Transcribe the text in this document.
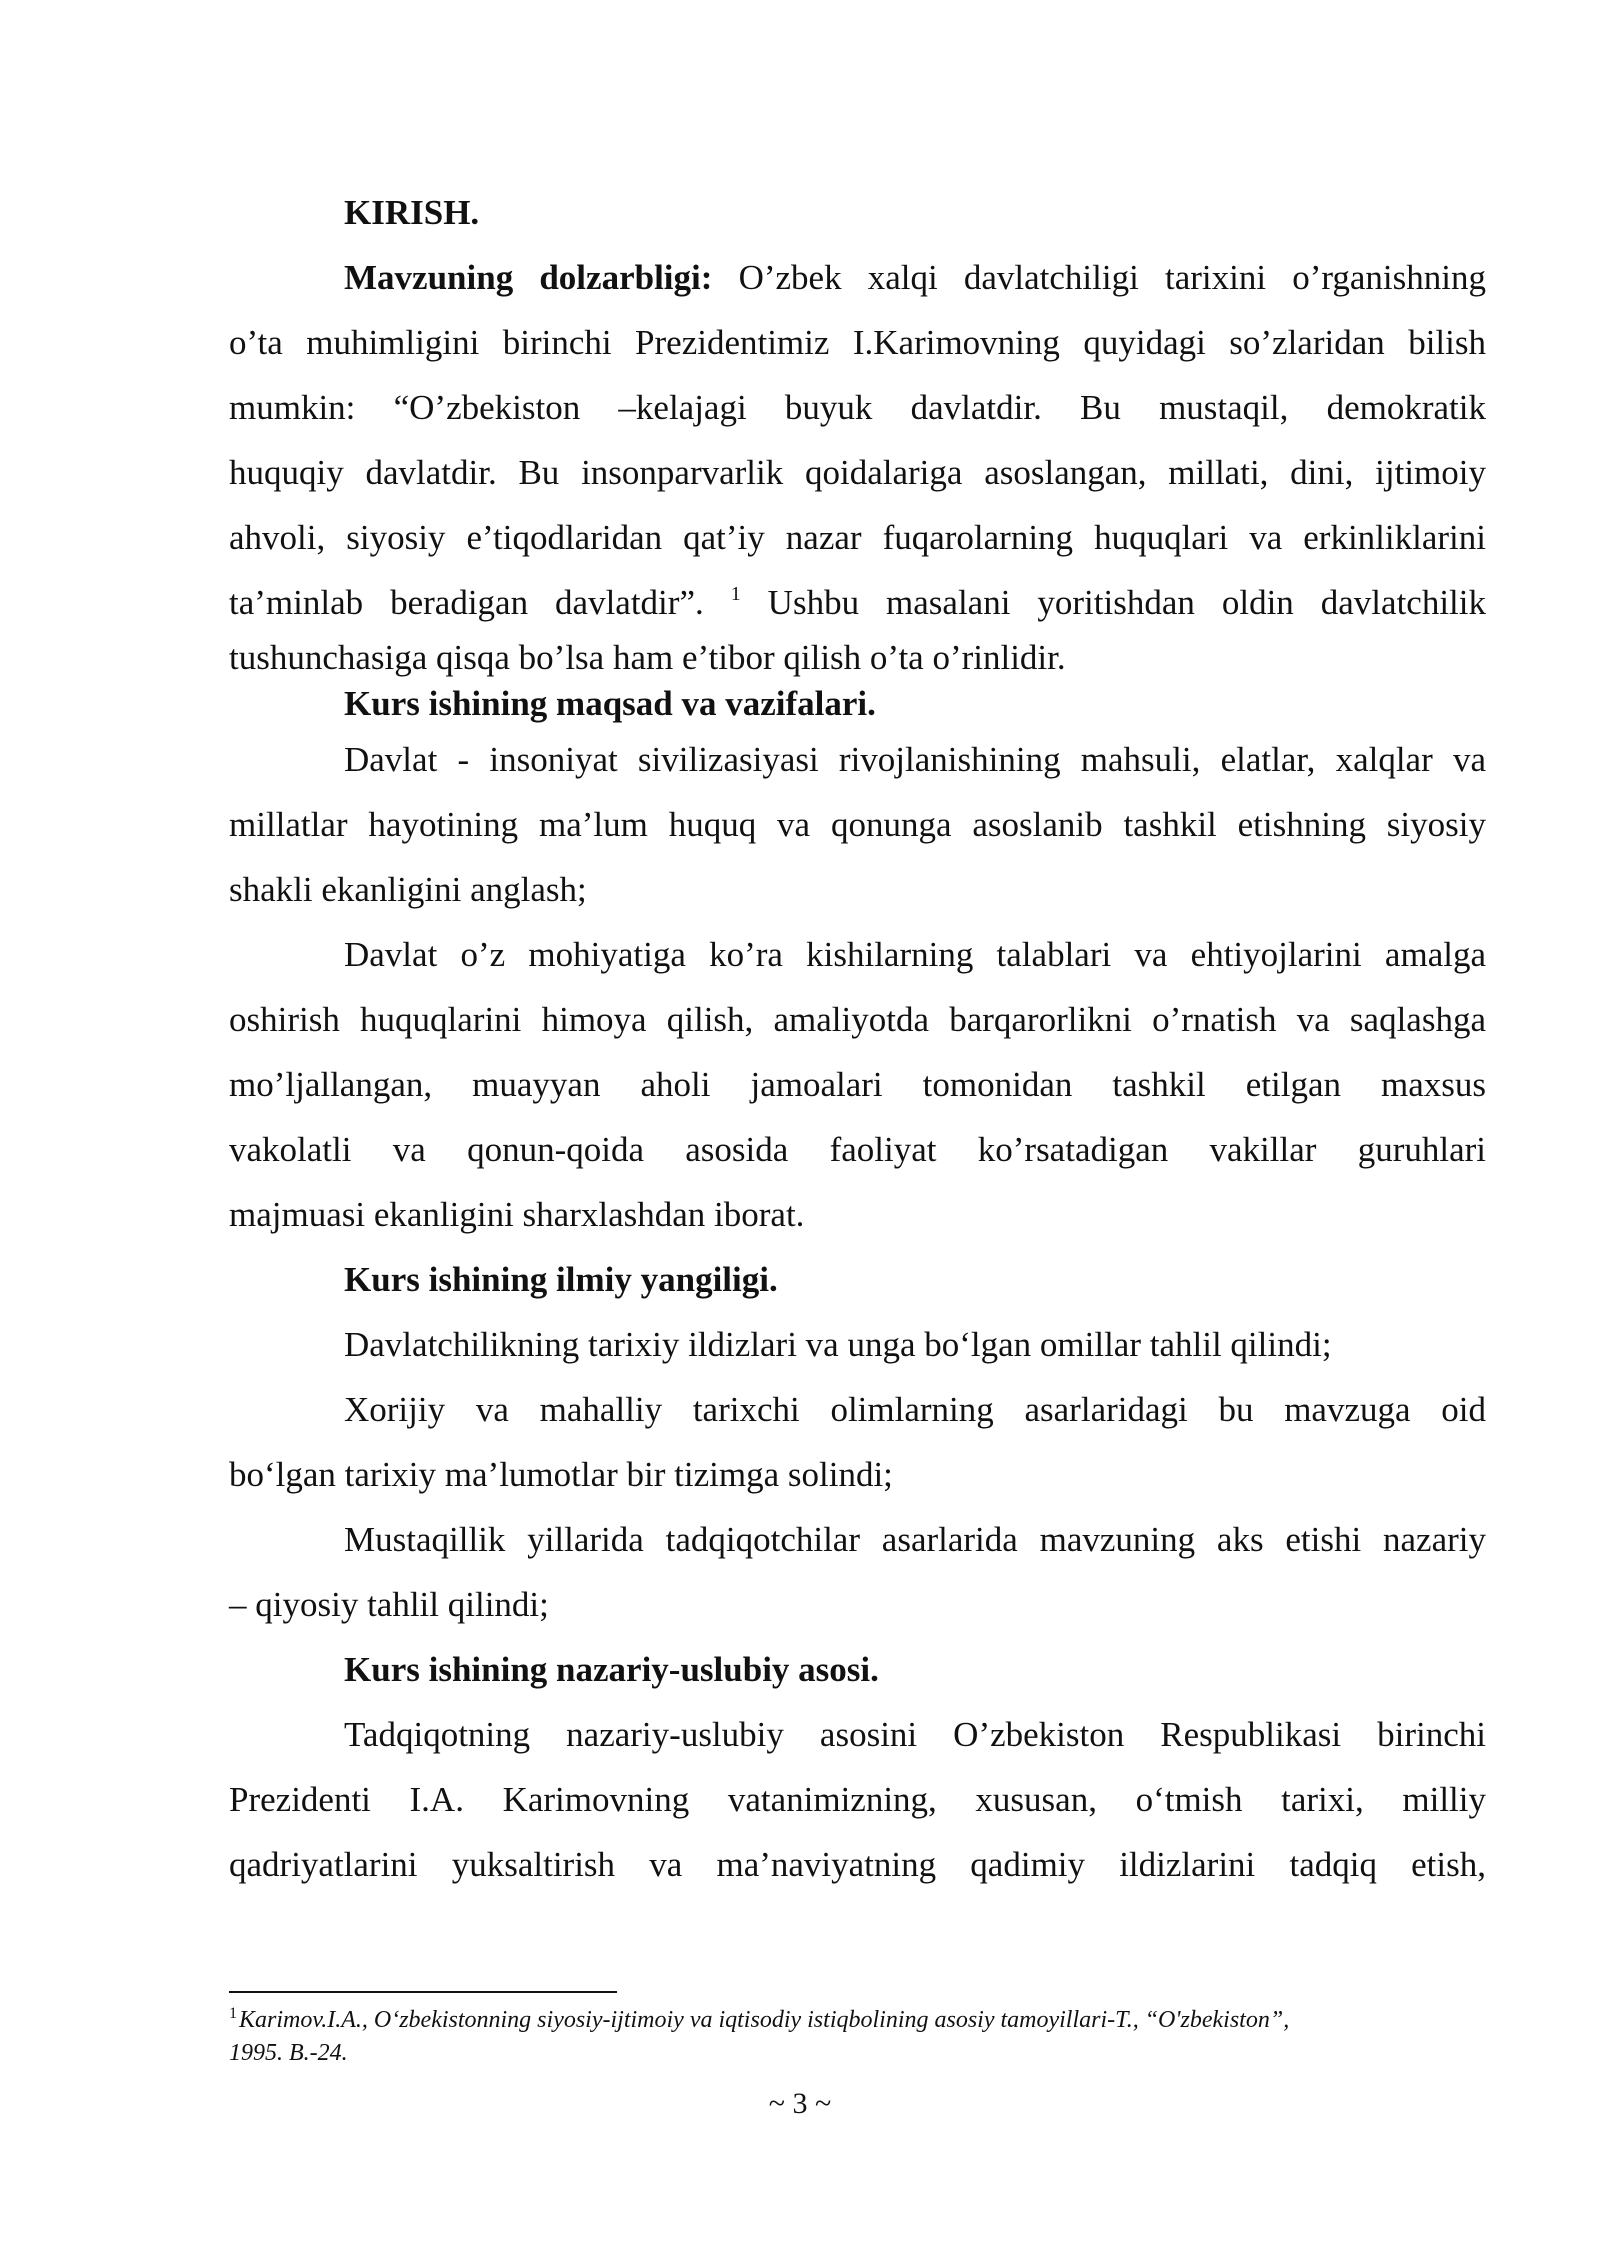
KIRISH.
Mavzuning dolzarbligi: O’zbek xalqi davlatchiligi tarixini o’rganishning
o’ta muhimligini birinchi Prezidentimiz I.Karimovning quyidagi so’zlaridan bilish
mumkin: “O’zbekiston –kelajagi buyuk davlatdir. Bu mustaqil, demokratik
huquqiy davlatdir. Bu insonparvarlik qoidalariga asoslangan, millati, dini, ijtimoiy
ahvoli, siyosiy e’tiqodlaridan qat’iy nazar fuqarolarning huquqlari va erkinliklarini
ta’minlab beradigan davlatdir”. $^1$ Ushbu masalani yoritishdan oldin davlatchilik
tushunchasiga qisqa bo’lsa ham e’tibor qilish o’ta o’rinlidir.
Kurs ishining maqsad va vazifalari.
Davlat - insoniyat sivilizasiyasi rivojlanishining mahsuli, elatlar, xalqlar va
millatlar hayotining ma’lum huquq va qonunga asoslanib tashkil etishning siyosiy
shakli ekanligini anglash;
Davlat o’z mohiyatiga ko’ra kishilarning talablari va ehtiyojlarini amalga
oshirish huquqlarini himoya qilish, amaliyotda barqarorlikni o’rnatish va saqlashga
mo’ljallangan, muayyan aholi jamoalari tomonidan tashkil etilgan maxsus
vakolatli va qonun-qoida asosida faoliyat ko’rsatadigan vakillar guruhlari
majmuasi ekanligini sharxlashdan iborat.
Kurs ishining ilmiy yangiligi.
Davlatchilikning tarixiy ildizlari va unga bo‘lgan omillar tahlil qilindi;
Xorijiy va mahalliy tarixchi olimlarning asarlaridagi bu mavzuga oid
bo‘lgan tarixiy ma’lumotlar bir tizimga solindi;
Mustaqillik yillarida tadqiqotchilar asarlarida mavzuning aks etishi nazariy
– qiyosiy tahlil qilindi;
Kurs ishining nazariy-uslubiy asosi.
Tadqiqotning nazariy-uslubiy asosini O’zbekiston Respublikasi birinchi
Prezidenti I.A. Karimovning vatanimizning, xususan, o‘tmish tarixi, milliy
qadriyatlarini yuksaltirish va ma’naviyatning qadimiy ildizlarini tadqiq etish,
$^1$Karimov.I.A., O‘zbekistonning siyosiy-ijtimoiy va iqtisodiy istiqbolining asosiy tamoyillari-T., “O'zbekiston”,
1995. B.-24.
~ 3 ~
